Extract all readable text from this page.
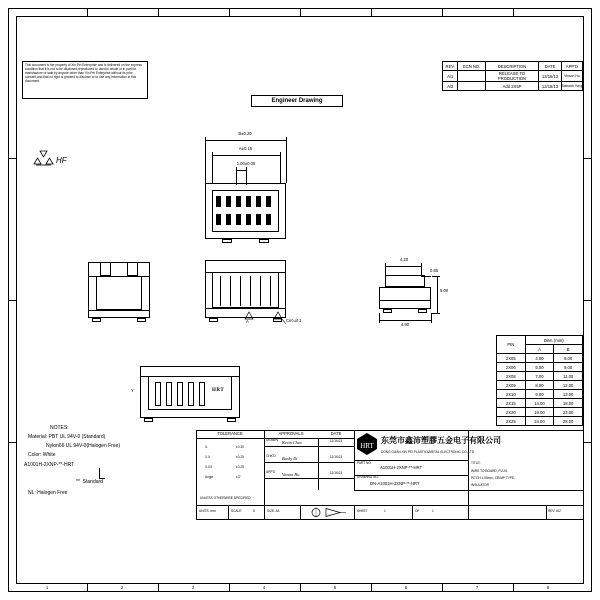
1	2	3	4	5	6	7	8
This document is the property of Xin Pei Enterprise and is delivered on the express condition that it is not to be disclosed,reproduced or used,in whole or in part,for manufacture or sale by anyone other than Xin Pei Enterprise without its prior consent,and that no right is granted to disclose or to use any information in this document.
Engineer Drawing
REV.	ECN NO.	DESCRIPTION	DATE	APP'D
A/1		RELEASE TO PRODUCTION	12/16/13	Vinson Hu
A/2		Add 2X5P	12/18/13	Sainwoh Yong
HF
B±0.20
A±0.15
1.00±0.05
Circuit 1
A
Y	HRT
4.20
0.85
5.00
4.90
PIN	DIM. (mm)	
	A	B
2X05	4.00	8.00
2X06	5.00	9.00
2X08	7.00	11.00
2X09	8.00	12.00
2X10	9.00	13.00
2X15	14.00	18.00
2X20	19.00	23.00
2X25	24.00	28.00
NOTES:
Material: PBT UL 94V-0 (Standard)
Nylon66 UL 94V-0(Halogen Free)
Color: White
A1001H-2XNP-**-HRT
**  Standard
NL: Halogen Free
TOLERANCE
X.	±0.30
X.X	±0.25
X.XX	±0.25
Angle	±3°
UNLESS OTHERWISE SPECIFIED
APPROVALS	DATE
DRAWN Kevin Chen	12/16/13
CHK'D Bucky Di	12/16/13
APP'D Vinson Hu	12/16/13
HRT
东莞市鑫沛塑膠五金电子有限公司
DONG GUAN XIN PEI PLASTIC&METAL ELECTRONIC CO.,LTD
PART NO.
A1001H-2XNP-**-HRT
DRAWING NO.
DN-A1001H-2XNP-**-HRT
TITLE:
WIRE TO BOARD, PLUG,
PITCH 1.00mm, CRIMP TYPE,
INSULATOR
UNITS: mm	SCALE	5	SIZE: A4	SHEET	1	OF	1	A/2
REV.
